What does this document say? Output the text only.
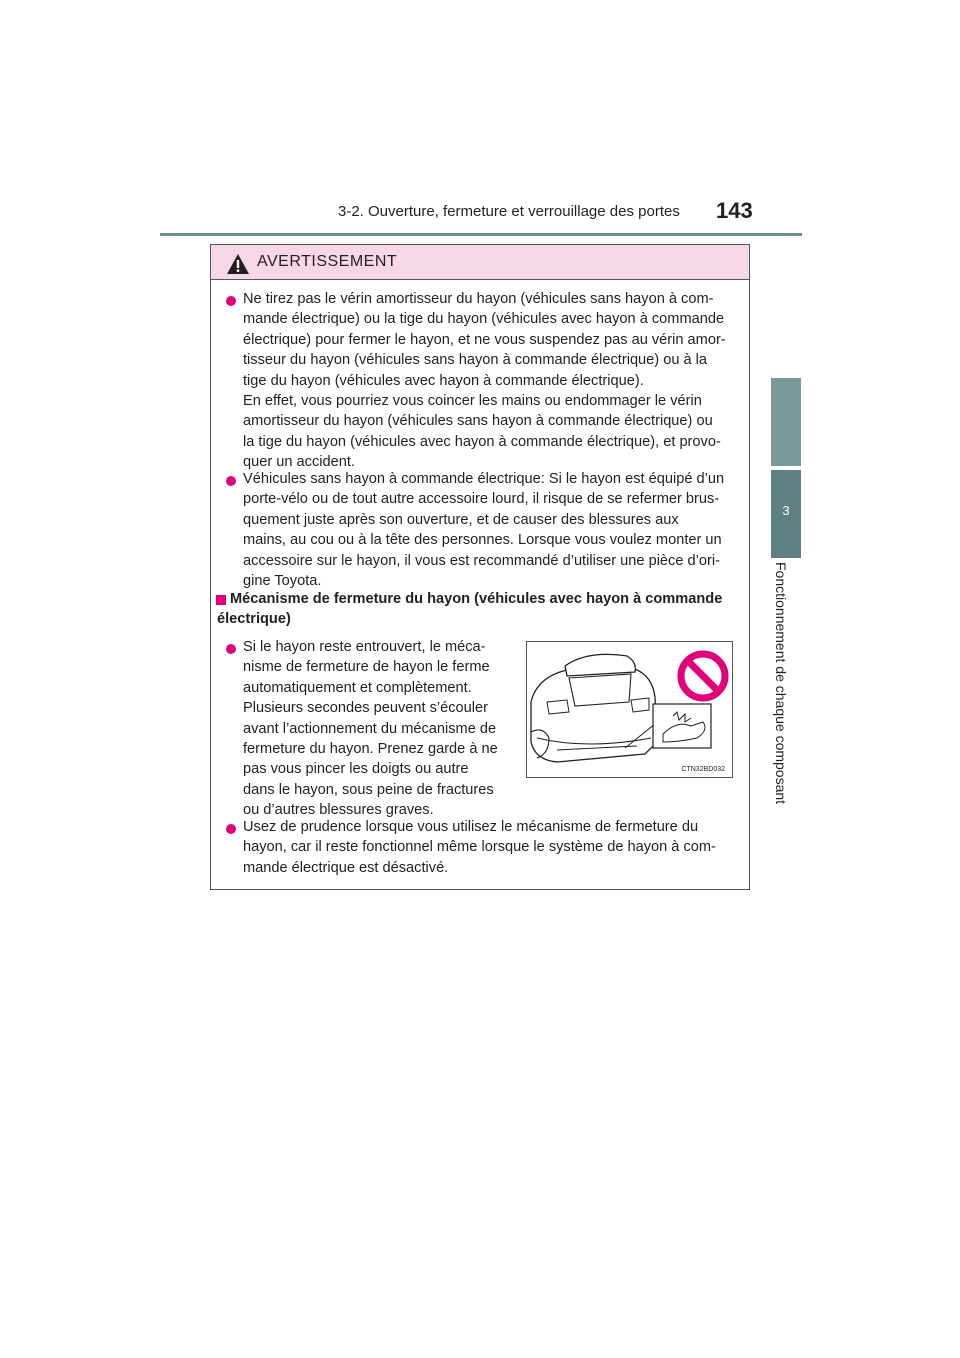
3-2. Ouverture, fermeture et verrouillage des portes 143
3
Fonctionnement de chaque composant
AVERTISSEMENT
Ne tirez pas le vérin amortisseur du hayon (véhicules sans hayon à com-
mande électrique) ou la tige du hayon (véhicules avec hayon à commande
électrique) pour fermer le hayon, et ne vous suspendez pas au vérin amor-
tisseur du hayon (véhicules sans hayon à commande électrique) ou à la
tige du hayon (véhicules avec hayon à commande électrique).
En effet, vous pourriez vous coincer les mains ou endommager le vérin
amortisseur du hayon (véhicules sans hayon à commande électrique) ou
la tige du hayon (véhicules avec hayon à commande électrique), et provo-
quer un accident.
Véhicules sans hayon à commande électrique: Si le hayon est équipé d’un
porte-vélo ou de tout autre accessoire lourd, il risque de se refermer brus-
quement juste après son ouverture, et de causer des blessures aux
mains, au cou ou à la tête des personnes. Lorsque vous voulez monter un
accessoire sur le hayon, il vous est recommandé d’utiliser une pièce d’ori-
gine Toyota.
Mécanisme de fermeture du hayon (véhicules avec hayon à commande
électrique)
Si le hayon reste entrouvert, le méca-
nisme de fermeture de hayon le ferme
automatiquement et complètement.
Plusieurs secondes peuvent s’écouler
avant l’actionnement du mécanisme de
fermeture du hayon. Prenez garde à ne
pas vous pincer les doigts ou autre
dans le hayon, sous peine de fractures
ou d’autres blessures graves.
CTN32BD032
Usez de prudence lorsque vous utilisez le mécanisme de fermeture du
hayon, car il reste fonctionnel même lorsque le système de hayon à com-
mande électrique est désactivé.
